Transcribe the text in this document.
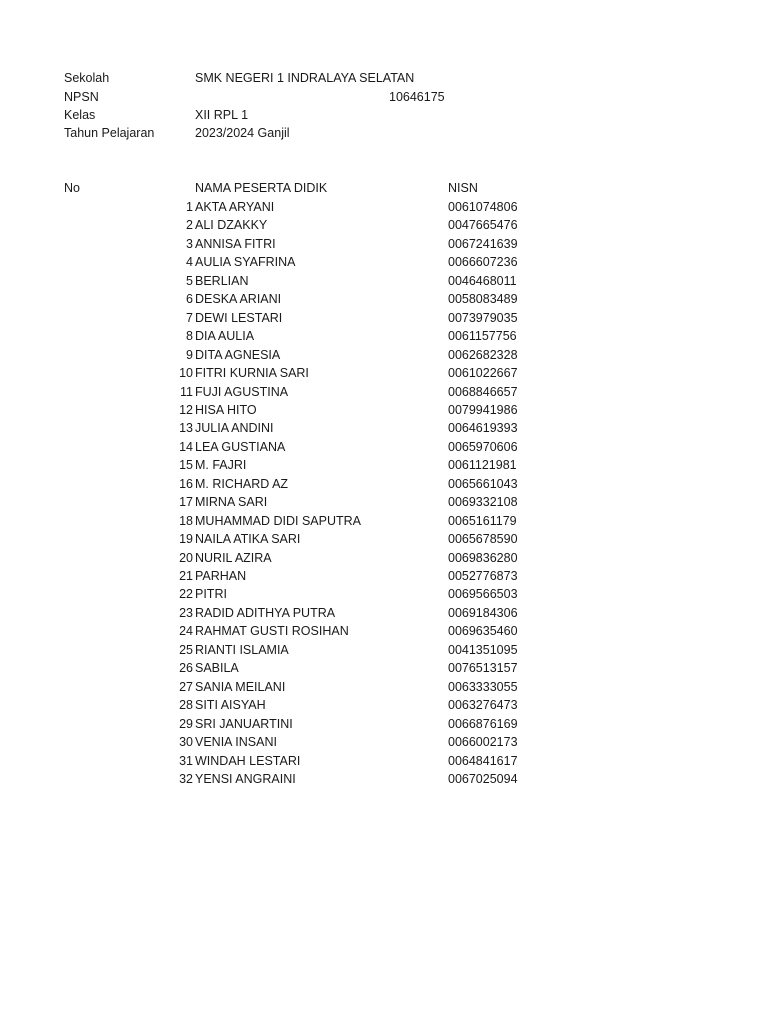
Sekolah	SMK NEGERI 1 INDRALAYA SELATAN
NPSN	10646175
Kelas	XII RPL 1
Tahun Pelajaran	2023/2024 Ganjil
No	NAMA PESERTA DIDIK	NISN
1 AKTA ARYANI	0061074806
2 ALI DZAKKY	0047665476
3 ANNISA FITRI	0067241639
4 AULIA SYAFRINA	0066607236
5 BERLIAN	0046468011
6 DESKA ARIANI	0058083489
7 DEWI LESTARI	0073979035
8 DIA AULIA	0061157756
9 DITA AGNESIA	0062682328
10 FITRI KURNIA SARI	0061022667
11 FUJI AGUSTINA	0068846657
12 HISA HITO	0079941986
13 JULIA ANDINI	0064619393
14 LEA GUSTIANA	0065970606
15 M. FAJRI	0061121981
16 M. RICHARD AZ	0065661043
17 MIRNA SARI	0069332108
18 MUHAMMAD DIDI SAPUTRA	0065161179
19 NAILA ATIKA SARI	0065678590
20 NURIL AZIRA	0069836280
21 PARHAN	0052776873
22 PITRI	0069566503
23 RADID ADITHYA PUTRA	0069184306
24 RAHMAT GUSTI ROSIHAN	0069635460
25 RIANTI ISLAMIA	0041351095
26 SABILA	0076513157
27 SANIA MEILANI	0063333055
28 SITI AISYAH	0063276473
29 SRI JANUARTINI	0066876169
30 VENIA INSANI	0066002173
31 WINDAH LESTARI	0064841617
32 YENSI ANGRAINI	0067025094
